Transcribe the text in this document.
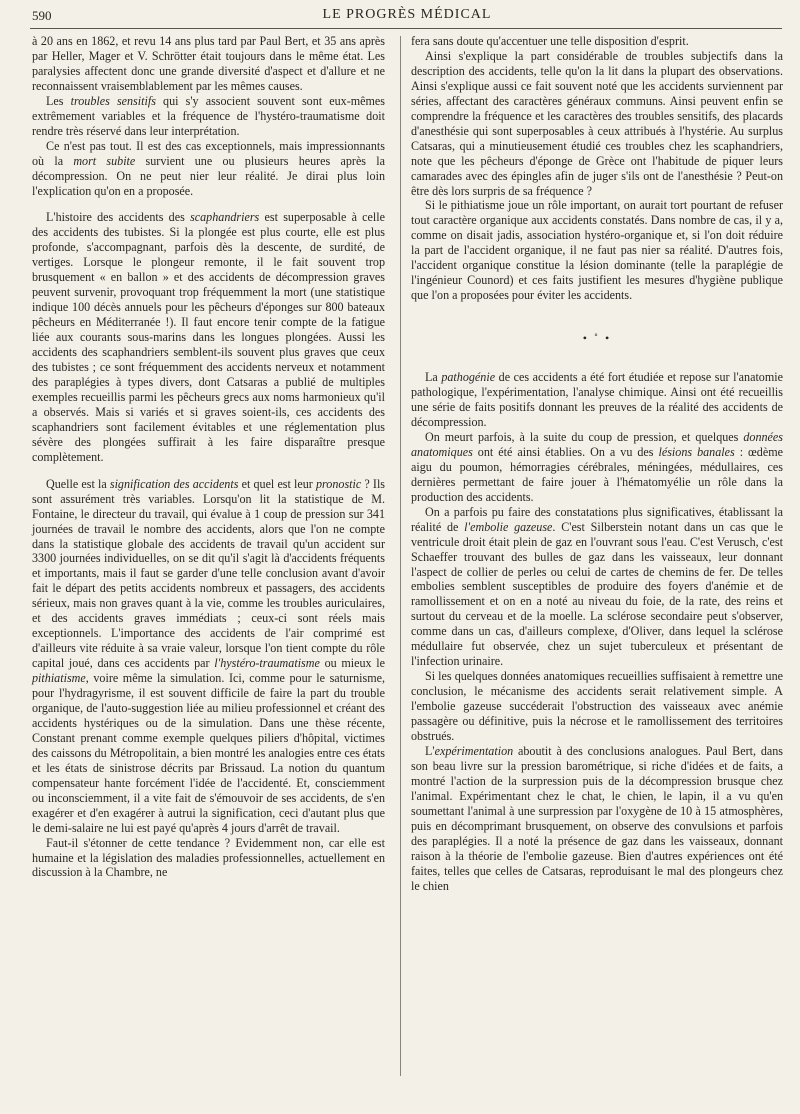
590	LE PROGRÈS MÉDICAL

à 20 ans en 1862, et revu 14 ans plus tard par Paul Bert, et 35 ans après par Heller, Mager et V. Schrötter était toujours dans le même état. Les paralysies affectent donc une grande diversité d'aspect et d'allure et ne reconnaissent vraisemblablement par les mêmes causes.

Les troubles sensitifs qui s'y associent souvent sont eux-mêmes extrêmement variables et la fréquence de l'hystéro-traumatisme doit rendre très réservé dans leur interprétation.

Ce n'est pas tout. Il est des cas exceptionnels, mais impressionnants où la mort subite survient une ou plusieurs heures après la décompression. On ne peut nier leur réalité. Je dirai plus loin l'explication qu'on en a proposée.

L'histoire des accidents des scaphandriers est superposable à celle des accidents des tubistes. Si la plongée est plus courte, elle est plus profonde, s'accompagnant, parfois dès la descente, de surdité, de vertiges. Lorsque le plongeur remonte, il le fait souvent trop brusquement « en ballon » et des accidents de décompression graves peuvent survenir, provoquant trop fréquemment la mort (une statistique indique 100 décès annuels pour les pêcheurs d'éponges sur 800 bateaux pêcheurs en Méditerranée !). Il faut encore tenir compte de la fatigue liée aux courants sous-marins dans les longues plongées. Aussi les accidents des scaphandriers semblent-ils souvent plus graves que ceux des tubistes ; ce sont fréquemment des accidents nerveux et notamment des paraplégies à types divers, dont Catsaras a publié de multiples exemples recueillis parmi les pêcheurs grecs aux noms harmonieux qu'il a observés. Mais si variés et si graves soient-ils, ces accidents des scaphandriers sont facilement évitables et une réglementation plus sévère des plongées suffirait à les faire disparaître presque complètement.

Quelle est la signification des accidents et quel est leur pronostic ? Ils sont assurément très variables. Lorsqu'on lit la statistique de M. Fontaine, le directeur du travail, qui évalue à 1 coup de pression sur 341 journées de travail le nombre des accidents, alors que l'on ne compte dans la statistique globale des accidents de travail qu'un accident sur 3300 journées individuelles, on se dit qu'il s'agit là d'accidents fréquents et importants, mais il faut se garder d'une telle conclusion avant d'avoir fait le départ des petits accidents nombreux et passagers, des accidents sérieux, mais non graves quant à la vie, comme les troubles auriculaires, et des accidents graves immédiats ; ceux-ci sont réels mais exceptionnels. L'importance des accidents de l'air comprimé est d'ailleurs vite réduite à sa vraie valeur, lorsque l'on tient compte du rôle capital joué, dans ces accidents par l'hystéro-traumatisme ou mieux le pithiatisme, voire même la simulation. Ici, comme pour le saturnisme, pour l'hydragyrisme, il est souvent difficile de faire la part du trouble organique, de l'auto-suggestion liée au milieu professionnel et créant des accidents hystériques ou de la simulation. Dans une thèse récente, Constant prenant comme exemple quelques piliers d'hôpital, victimes des caissons du Métropolitain, a bien montré les analogies entre ces états et les états de sinistrose décrits par Brissaud. La notion du quantum compensateur hante forcément l'idée de l'accidenté. Et, consciemment ou inconsciemment, il a vite fait de s'émouvoir de ses accidents, de s'en exagérer et d'en exagérer à autrui la signification, ceci d'autant plus que le demi-salaire ne lui est payé qu'après 4 jours d'arrêt de travail.

Faut-il s'étonner de cette tendance ? Evidemment non, car elle est humaine et la législation des maladies professionnelles, actuellement en discussion à la Chambre, ne

fera sans doute qu'accentuer une telle disposition d'esprit.

Ainsi s'explique la part considérable de troubles subjectifs dans la description des accidents, telle qu'on la lit dans la plupart des observations. Ainsi s'explique aussi ce fait souvent noté que les accidents surviennent par séries, affectant des caractères généraux communs. Ainsi peuvent enfin se comprendre la fréquence et les caractères des troubles sensitifs, des placards d'anesthésie qui sont superposables à ceux attribués à l'hystérie. Au surplus Catsaras, qui a minutieusement étudié ces troubles chez les scaphandriers, note que les pêcheurs d'éponge de Grèce ont l'habitude de piquer leurs camarades avec des épingles afin de juger s'ils ont de l'anesthésie ? Peut-on être dès lors surpris de sa fréquence ?

Si le pithiatisme joue un rôle important, on aurait tort pourtant de refuser tout caractère organique aux accidents constatés. Dans nombre de cas, il y a, comme on disait jadis, association hystéro-organique et, si l'on doit réduire la part de l'accident organique, il ne faut pas nier sa réalité. D'autres fois, l'accident organique constitue la lésion dominante (telle la paraplégie de l'ingénieur Counord) et ces faits justifient les mesures d'hygiène publique que l'on a proposées pour éviter les accidents.

• ˚ •

La pathogénie de ces accidents a été fort étudiée et repose sur l'anatomie pathologique, l'expérimentation, l'analyse chimique. Ainsi ont été recueillis une série de faits positifs donnant les preuves de la réalité des accidents de décompression.

On meurt parfois, à la suite du coup de pression, et quelques données anatomiques ont été ainsi établies. On a vu des lésions banales : œdème aigu du poumon, hémorragies cérébrales, méningées, médullaires, ces dernières permettant de faire jouer à l'hématomyélie un rôle dans la production des accidents.

On a parfois pu faire des constatations plus significatives, établissant la réalité de l'embolie gazeuse. C'est Silberstein notant dans un cas que le ventricule droit était plein de gaz en l'ouvrant sous l'eau. C'est Verusch, c'est Schaeffer trouvant des bulles de gaz dans les vaisseaux, leur donnant l'aspect de collier de perles ou celui de cartes de chemins de fer. De telles embolies semblent susceptibles de produire des foyers d'anémie et de ramollissement et on en a noté au niveau du foie, de la rate, des reins et surtout du cerveau et de la moelle. La sclérose secondaire peut s'observer, comme dans un cas, d'ailleurs complexe, d'Oliver, dans lequel la sclérose médullaire fut observée, chez un sujet tuberculeux et présentant de l'infection urinaire.

Si les quelques données anatomiques recueillies suffisaient à remettre une conclusion, le mécanisme des accidents serait relativement simple. A l'embolie gazeuse succéderait l'obstruction des vaisseaux avec anémie passagère ou définitive, puis la nécrose et le ramollissement des territoires obstrués.

L'expérimentation aboutit à des conclusions analogues. Paul Bert, dans son beau livre sur la pression barométrique, si riche d'idées et de faits, a montré l'action de la surpression puis de la décompression brusque chez l'animal. Expérimentant chez le chat, le chien, le lapin, il a vu qu'en soumettant l'animal à une surpression par l'oxygène de 10 à 15 atmosphères, puis en décomprimant brusquement, on observe des convulsions et parfois des paraplégies. Il a noté la présence de gaz dans les vaisseaux, donnant raison à la théorie de l'embolie gazeuse. Bien d'autres expériences ont été faites, telles que celles de Catsaras, reproduisant le mal des plongeurs chez le chien
